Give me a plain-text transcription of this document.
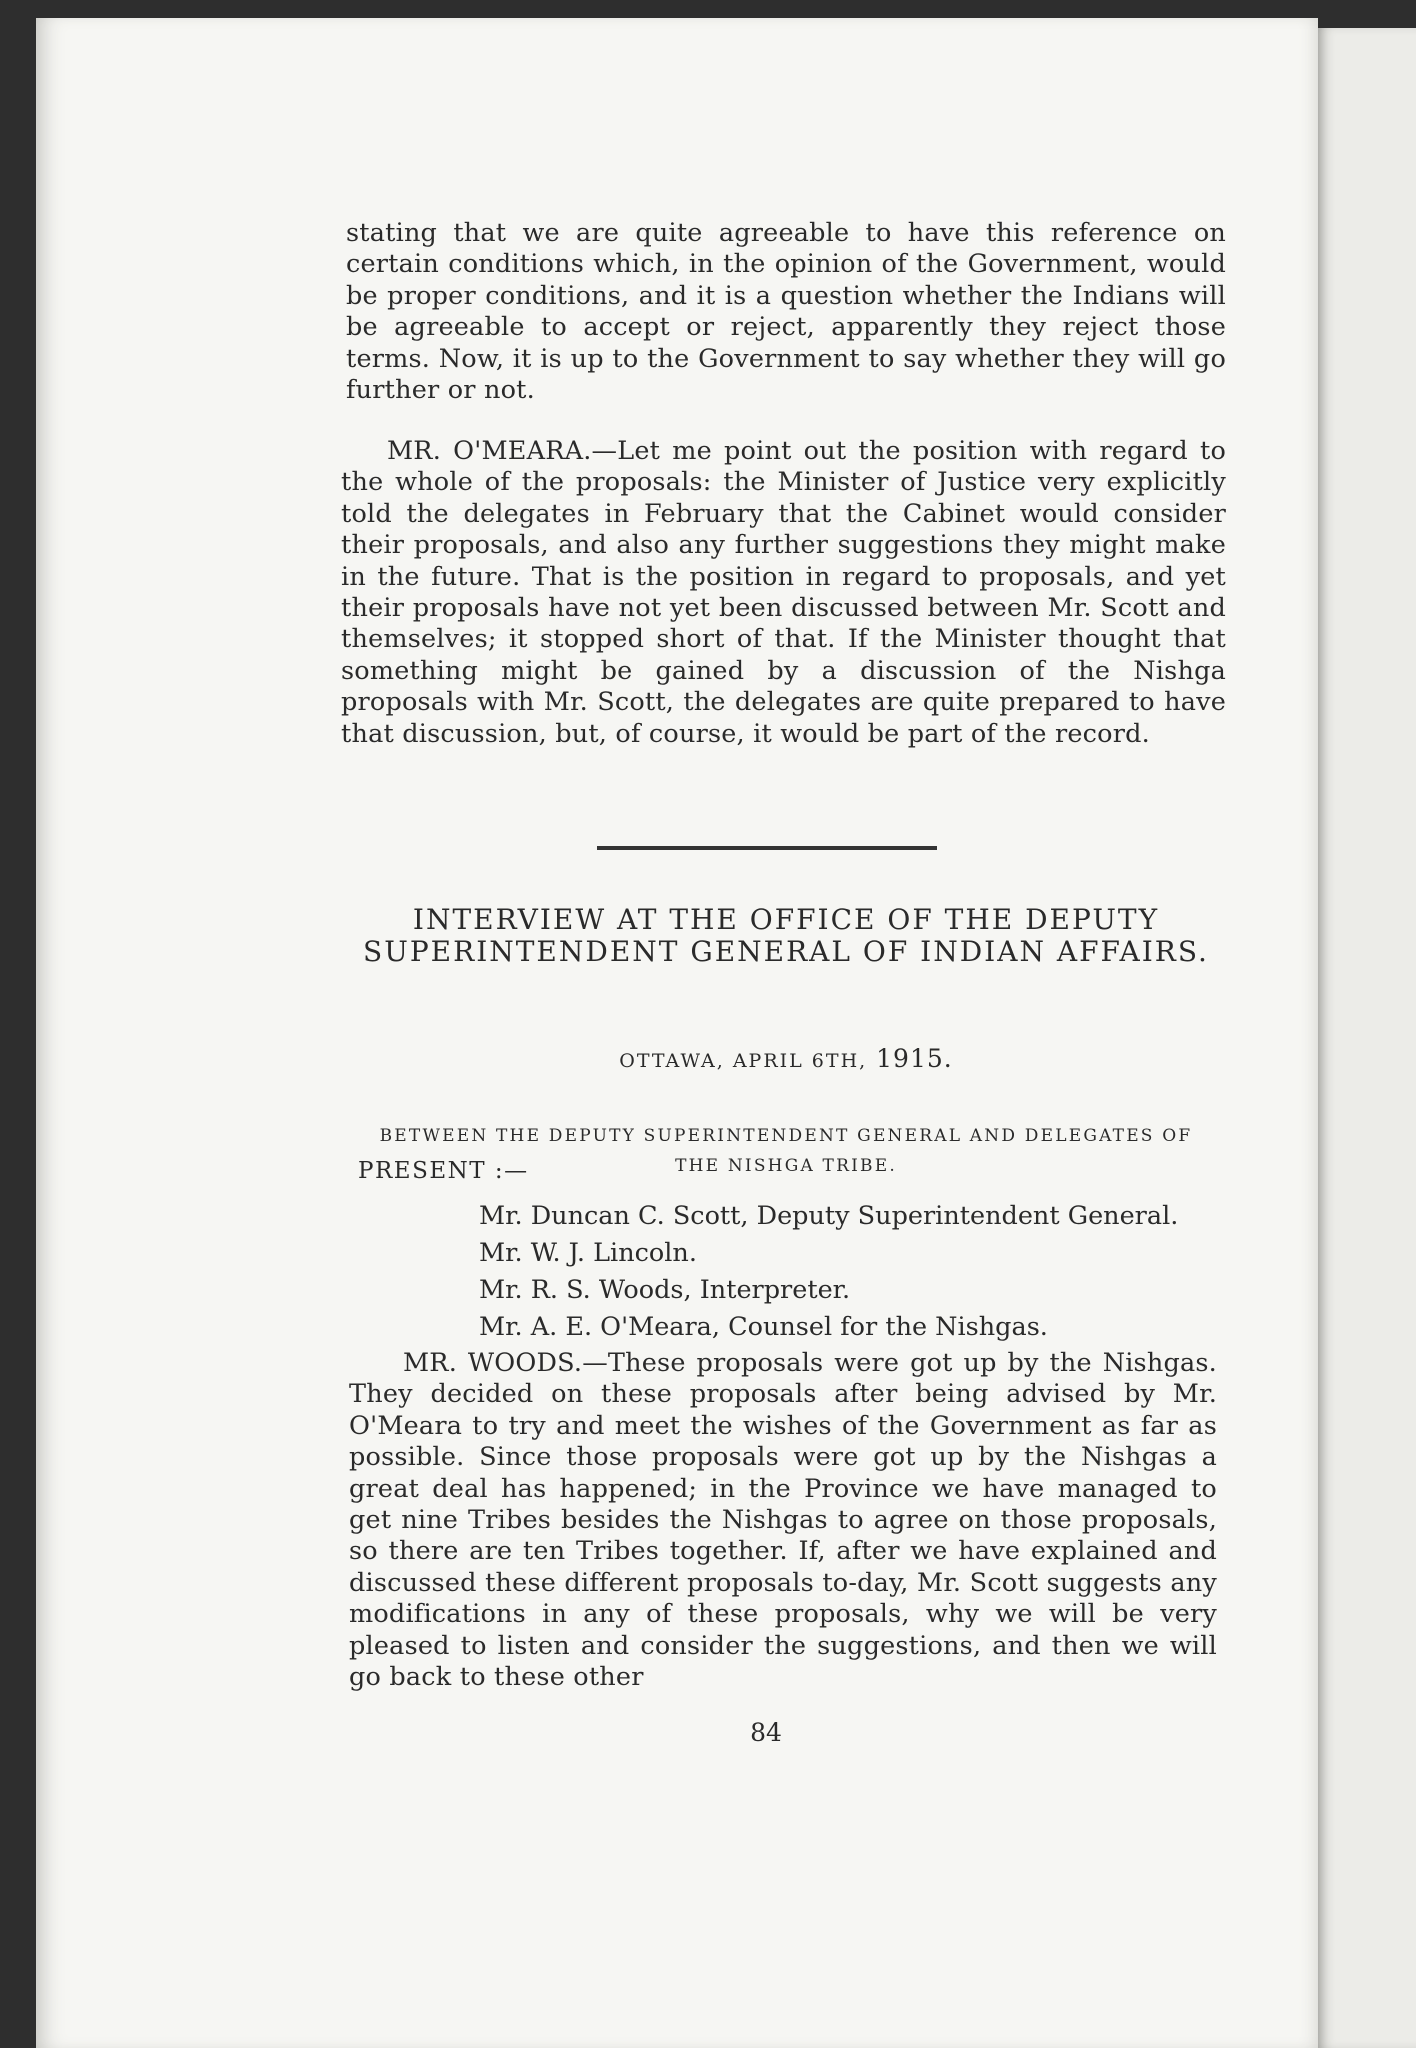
stating that we are quite agreeable to have this reference on certain conditions which, in the opinion of the Government, would be proper conditions, and it is a question whether the Indians will be agreeable to accept or reject, apparently they reject those terms. Now, it is up to the Government to say whether they will go further or not.

MR. O'MEARA.—Let me point out the position with regard to the whole of the proposals: the Minister of Justice very explicitly told the delegates in February that the Cabinet would consider their proposals, and also any further suggestions they might make in the future. That is the position in regard to proposals, and yet their proposals have not yet been discussed between Mr. Scott and themselves; it stopped short of that. If the Minister thought that something might be gained by a discussion of the Nishga proposals with Mr. Scott, the delegates are quite prepared to have that discussion, but, of course, it would be part of the record.

INTERVIEW AT THE OFFICE OF THE DEPUTY SUPERINTENDENT GENERAL OF INDIAN AFFAIRS.

OTTAWA, APRIL 6TH, 1915.

BETWEEN THE DEPUTY SUPERINTENDENT GENERAL AND DELEGATES OF THE NISHGA TRIBE.

PRESENT :—

Mr. Duncan C. Scott, Deputy Superintendent General.
Mr. W. J. Lincoln.
Mr. R. S. Woods, Interpreter.
Mr. A. E. O'Meara, Counsel for the Nishgas.

MR. WOODS.—These proposals were got up by the Nishgas. They decided on these proposals after being advised by Mr. O'Meara to try and meet the wishes of the Government as far as possible. Since those proposals were got up by the Nishgas a great deal has happened; in the Province we have managed to get nine Tribes besides the Nishgas to agree on those proposals, so there are ten Tribes together. If, after we have explained and discussed these different proposals to-day, Mr. Scott suggests any modifications in any of these proposals, why we will be very pleased to listen and consider the suggestions, and then we will go back to these other

84
